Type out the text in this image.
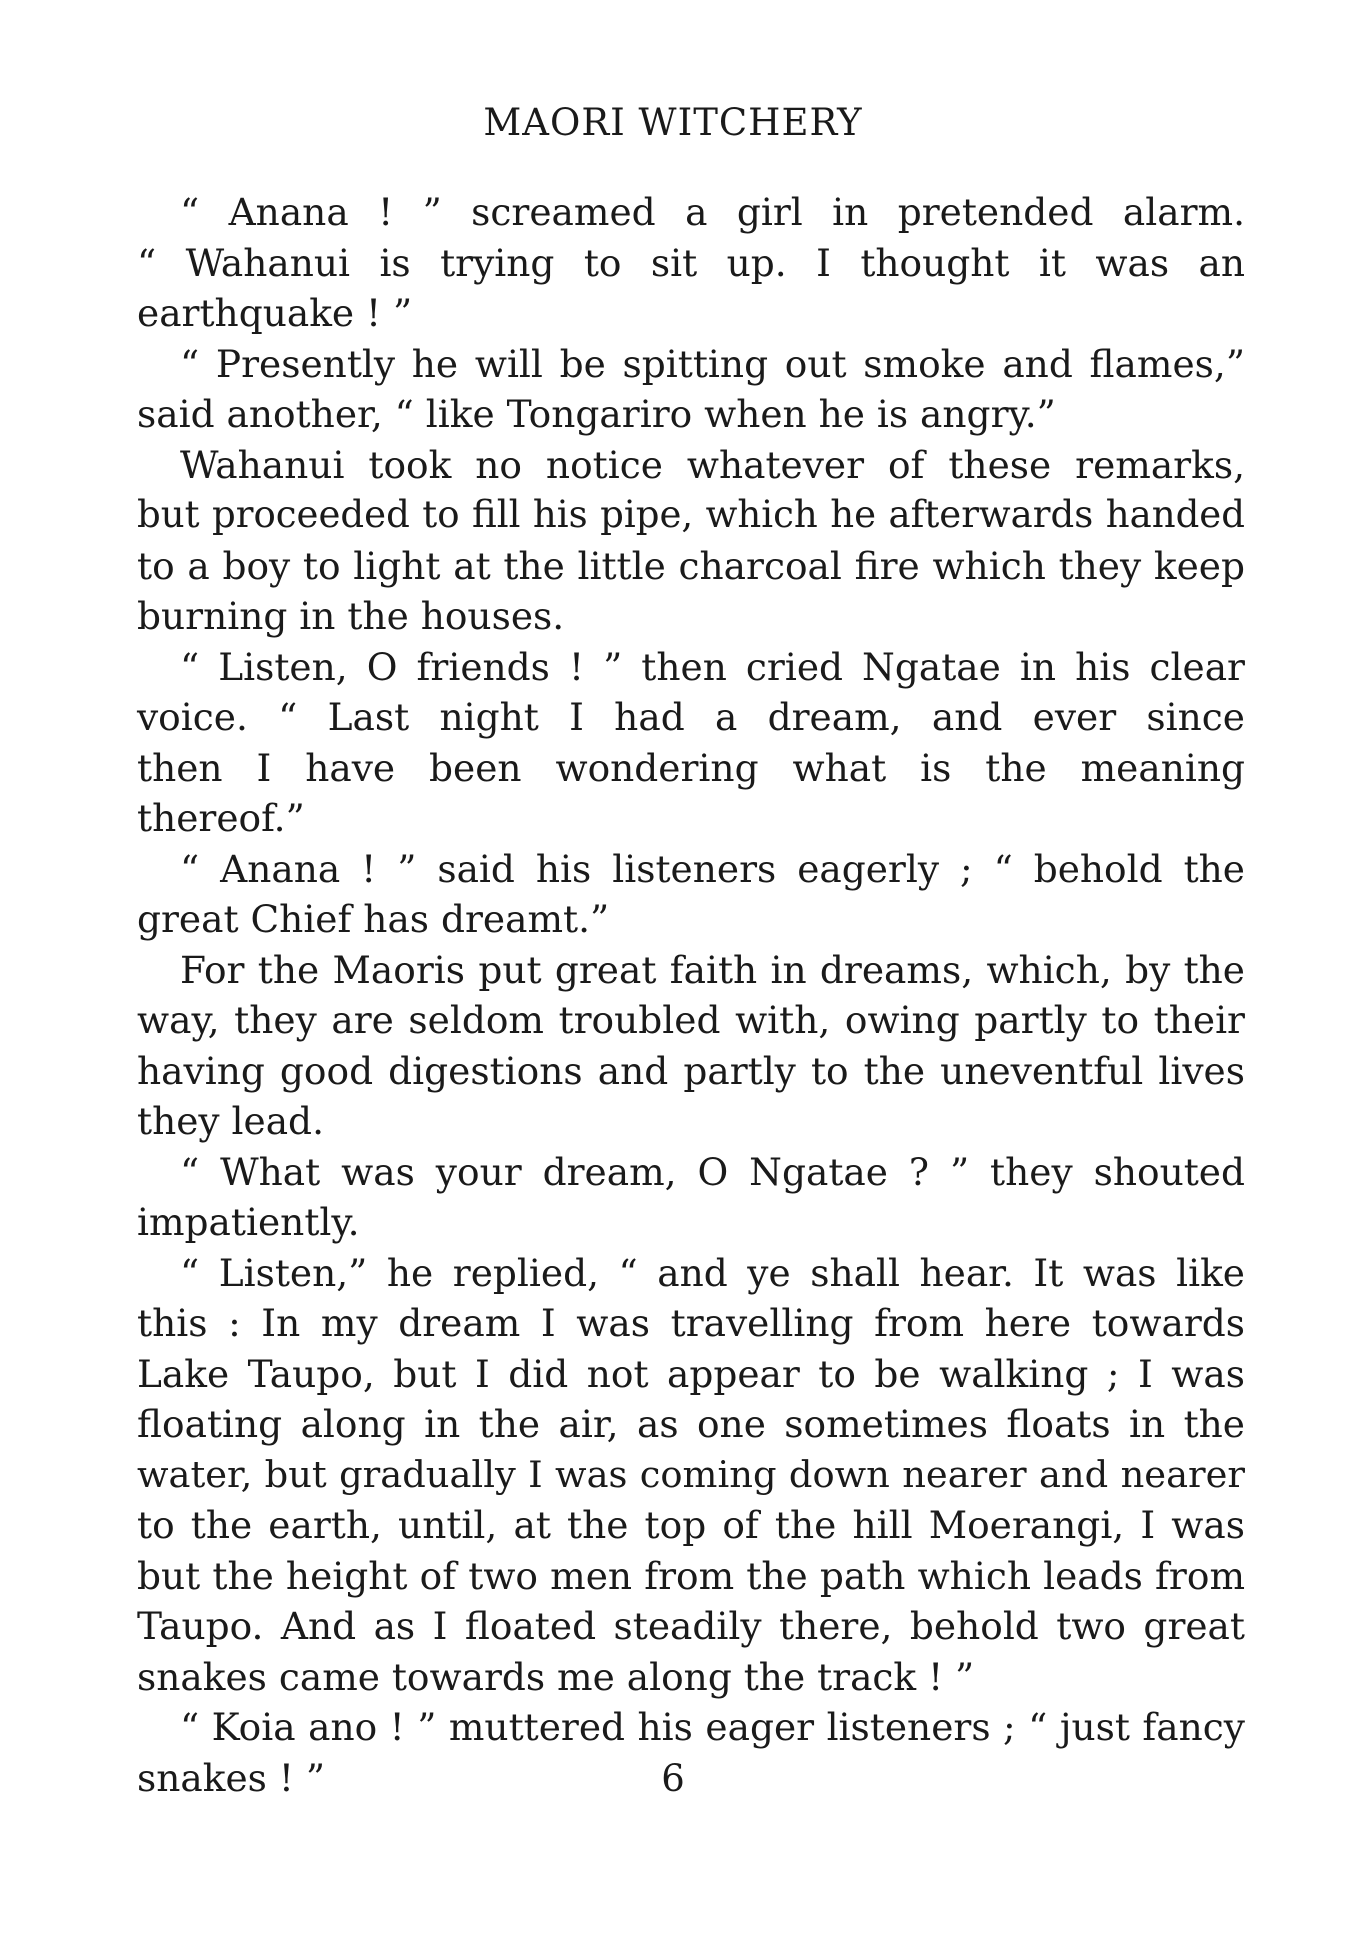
MAORI WITCHERY
“ Anana ! ” screamed a girl in pretended alarm.
“ Wahanui is trying to sit up. I thought it was an
earthquake ! ”
“ Presently he will be spitting out smoke and flames,”
said another, “ like Tongariro when he is angry.”
Wahanui took no notice whatever of these remarks,
but proceeded to fill his pipe, which he afterwards handed
to a boy to light at the little charcoal fire which they keep
burning in the houses.
“ Listen, O friends ! ” then cried Ngatae in his clear
voice. “ Last night I had a dream, and ever since
then I have been wondering what is the meaning
thereof.”
“ Anana ! ” said his listeners eagerly ; “ behold the
great Chief has dreamt.”
For the Maoris put great faith in dreams, which, by the
way, they are seldom troubled with, owing partly to their
having good digestions and partly to the uneventful lives
they lead.
“ What was your dream, O Ngatae ? ” they shouted
impatiently.
“ Listen,” he replied, “ and ye shall hear. It was like
this : In my dream I was travelling from here towards
Lake Taupo, but I did not appear to be walking ; I was
floating along in the air, as one sometimes floats in the
water, but gradually I was coming down nearer and nearer
to the earth, until, at the top of the hill Moerangi, I was
but the height of two men from the path which leads from
Taupo. And as I floated steadily there, behold two great
snakes came towards me along the track ! ”
“ Koia ano ! ” muttered his eager listeners ; “ just fancy
snakes ! ”	6
